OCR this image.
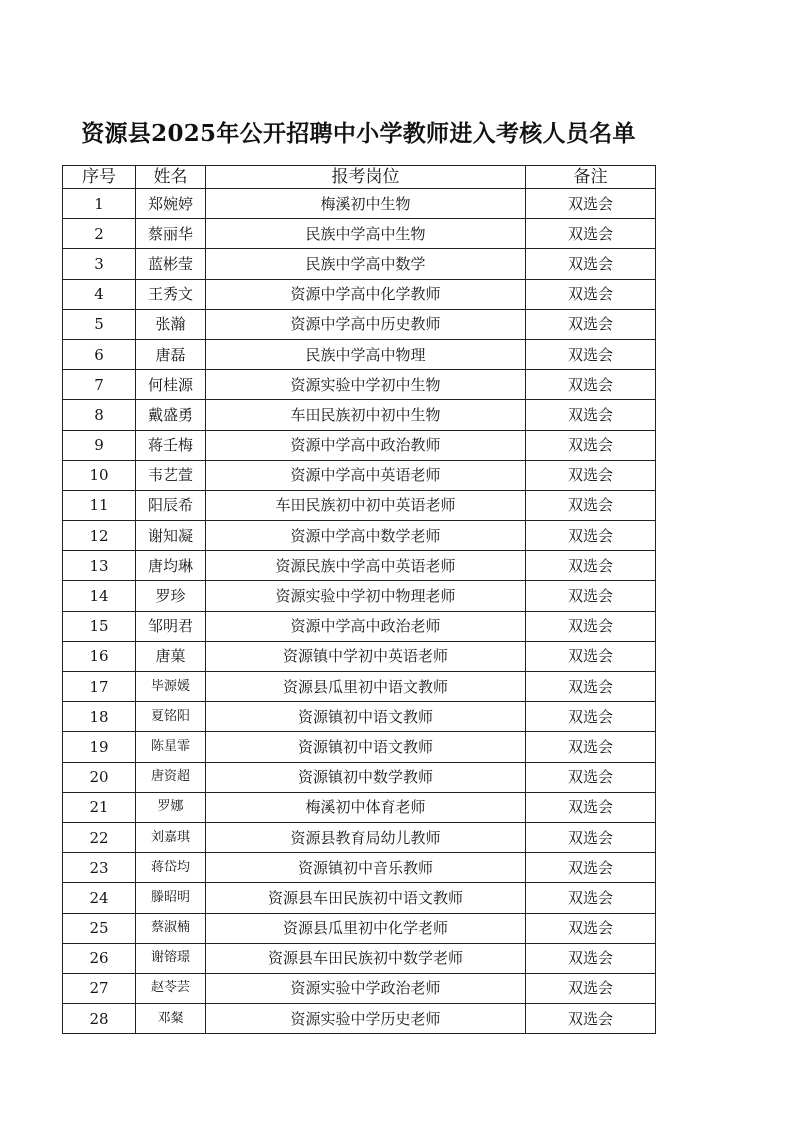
资源县2025年公开招聘中小学教师进入考核人员名单
序号	姓名	报考岗位	备注
1	郑婉婷	梅溪初中生物	双选会
2	蔡丽华	民族中学高中生物	双选会
3	蓝彬莹	民族中学高中数学	双选会
4	王秀文	资源中学高中化学教师	双选会
5	张瀚	资源中学高中历史教师	双选会
6	唐磊	民族中学高中物理	双选会
7	何桂源	资源实验中学初中生物	双选会
8	戴盛勇	车田民族初中初中生物	双选会
9	蒋壬梅	资源中学高中政治教师	双选会
10	韦艺萱	资源中学高中英语老师	双选会
11	阳辰希	车田民族初中初中英语老师	双选会
12	谢知凝	资源中学高中数学老师	双选会
13	唐均琳	资源民族中学高中英语老师	双选会
14	罗珍	资源实验中学初中物理老师	双选会
15	邹明君	资源中学高中政治老师	双选会
16	唐菓	资源镇中学初中英语老师	双选会
17	毕源媛	资源县瓜里初中语文教师	双选会
18	夏铭阳	资源镇初中语文教师	双选会
19	陈星霏	资源镇初中语文教师	双选会
20	唐资超	资源镇初中数学教师	双选会
21	罗娜	梅溪初中体育老师	双选会
22	刘嘉琪	资源县教育局幼儿教师	双选会
23	蒋岱均	资源镇初中音乐教师	双选会
24	滕昭明	资源县车田民族初中语文教师	双选会
25	蔡淑楠	资源县瓜里初中化学老师	双选会
26	谢镕璟	资源县车田民族初中数学老师	双选会
27	赵苓芸	资源实验中学政治老师	双选会
28	邓粲	资源实验中学历史老师	双选会
